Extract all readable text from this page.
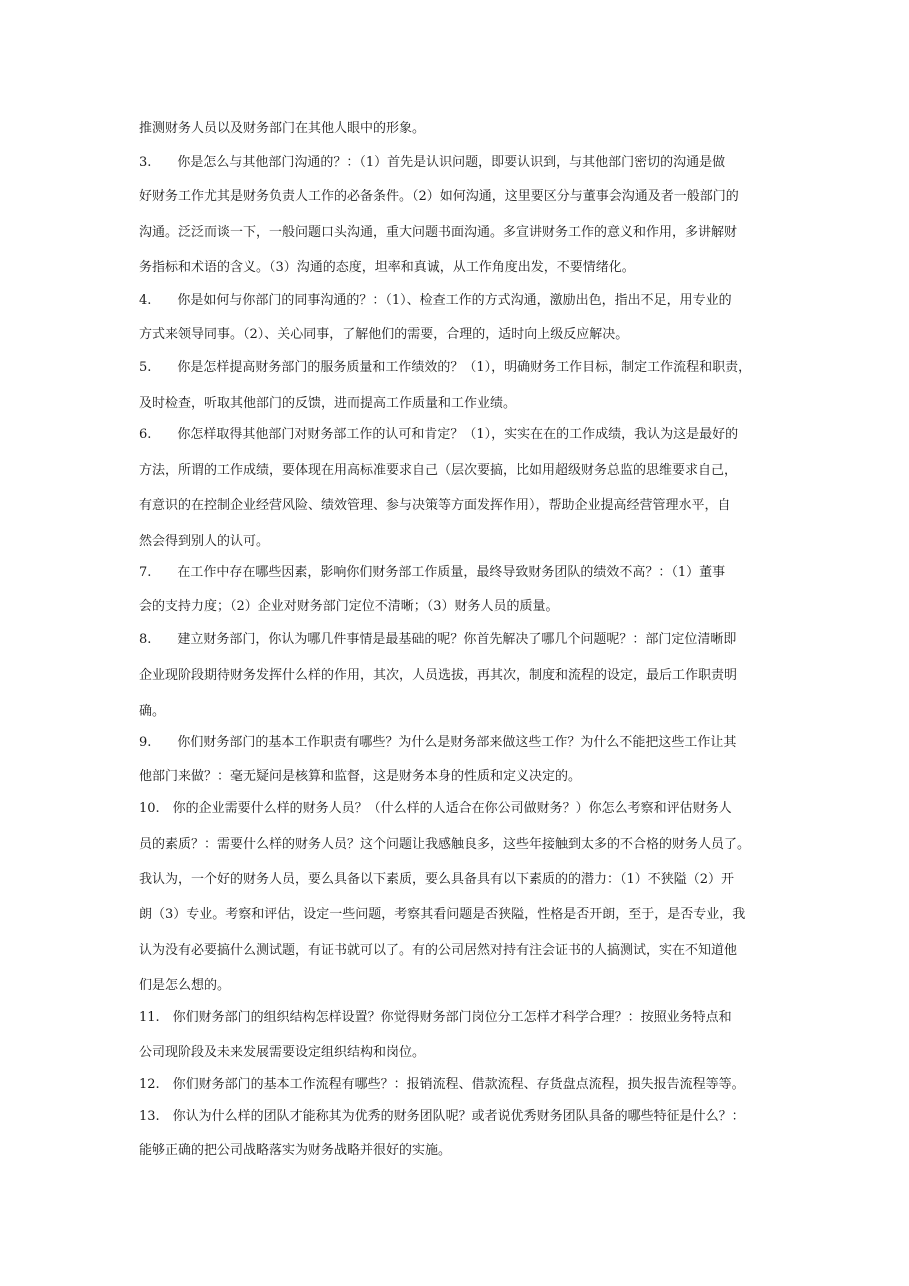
推测财务人员以及财务部门在其他人眼中的形象。
3.　　你是怎么与其他部门沟通的？：（1）首先是认识问题，即要认识到，与其他部门密切的沟通是做
好财务工作尤其是财务负责人工作的必备条件。（2）如何沟通，这里要区分与董事会沟通及者一般部门的
沟通。泛泛而谈一下，一般问题口头沟通，重大问题书面沟通。多宣讲财务工作的意义和作用，多讲解财
务指标和术语的含义。（3）沟通的态度，坦率和真诚，从工作角度出发，不要情绪化。
4.　　你是如何与你部门的同事沟通的？：（1）、检查工作的方式沟通，激励出色，指出不足，用专业的
方式来领导同事。（2）、关心同事，了解他们的需要，合理的，适时向上级反应解决。
5.　　你是怎样提高财务部门的服务质量和工作绩效的？（1），明确财务工作目标，制定工作流程和职责，
及时检查，听取其他部门的反馈，进而提高工作质量和工作业绩。
6.　　你怎样取得其他部门对财务部工作的认可和肯定？（1），实实在在的工作成绩，我认为这是最好的
方法，所谓的工作成绩，要体现在用高标准要求自己（层次要搞，比如用超级财务总监的思维要求自己，
有意识的在控制企业经营风险、绩效管理、参与决策等方面发挥作用），帮助企业提高经营管理水平，自
然会得到别人的认可。
7.　　在工作中存在哪些因素，影响你们财务部工作质量，最终导致财务团队的绩效不高？：（1）董事
会的支持力度；（2）企业对财务部门定位不清晰；（3）财务人员的质量。
8.　　建立财务部门，你认为哪几件事情是最基础的呢？你首先解决了哪几个问题呢？：部门定位清晰即
企业现阶段期待财务发挥什么样的作用，其次，人员选拔，再其次，制度和流程的设定，最后工作职责明
确。
9.　　你们财务部门的基本工作职责有哪些？为什么是财务部来做这些工作？为什么不能把这些工作让其
他部门来做？：毫无疑问是核算和监督，这是财务本身的性质和定义决定的。
10.　你的企业需要什么样的财务人员？（什么样的人适合在你公司做财务？）你怎么考察和评估财务人
员的素质？：需要什么样的财务人员？这个问题让我感触良多，这些年接触到太多的不合格的财务人员了。
我认为，一个好的财务人员，要么具备以下素质，要么具备具有以下素质的的潜力：（1）不狭隘（2）开
朗（3）专业。考察和评估，设定一些问题，考察其看问题是否狭隘，性格是否开朗，至于，是否专业，我
认为没有必要搞什么测试题，有证书就可以了。有的公司居然对持有注会证书的人搞测试，实在不知道他
们是怎么想的。
11.　你们财务部门的组织结构怎样设置？你觉得财务部门岗位分工怎样才科学合理？：按照业务特点和
公司现阶段及未来发展需要设定组织结构和岗位。
12.　你们财务部门的基本工作流程有哪些？：报销流程、借款流程、存货盘点流程，损失报告流程等等。
13.　你认为什么样的团队才能称其为优秀的财务团队呢？或者说优秀财务团队具备的哪些特征是什么？：
能够正确的把公司战略落实为财务战略并很好的实施。
